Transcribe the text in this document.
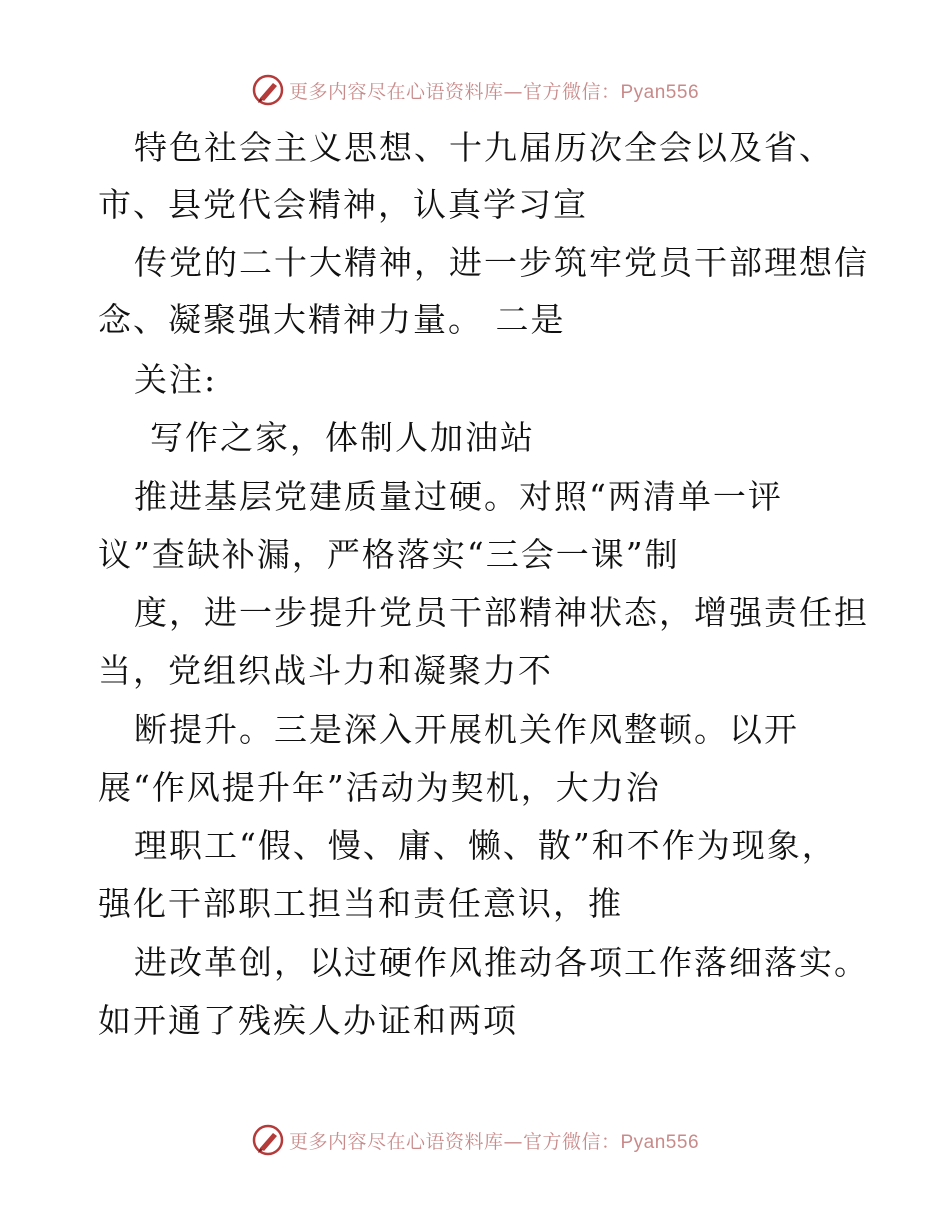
更多内容尽在心语资料库—官方微信：Pyan556
特色社会主义思想、十九届历次全会以及省、
市、县党代会精神，认真学习宣
传党的二十大精神，进一步筑牢党员干部理想信
念、凝聚强大精神力量。 二是
关注:
写作之家，体制人加油站
推进基层党建质量过硬。对照“两清单一评
议”查缺补漏，严格落实“三会一课”制
度，进一步提升党员干部精神状态，增强责任担
当，党组织战斗力和凝聚力不
断提升。三是深入开展机关作风整顿。以开
展“作风提升年”活动为契机，大力治
理职工“假、慢、庸、懒、散”和不作为现象，
强化干部职工担当和责任意识，推
进改革创，以过硬作风推动各项工作落细落实。
如开通了残疾人办证和两项
更多内容尽在心语资料库—官方微信：Pyan556
